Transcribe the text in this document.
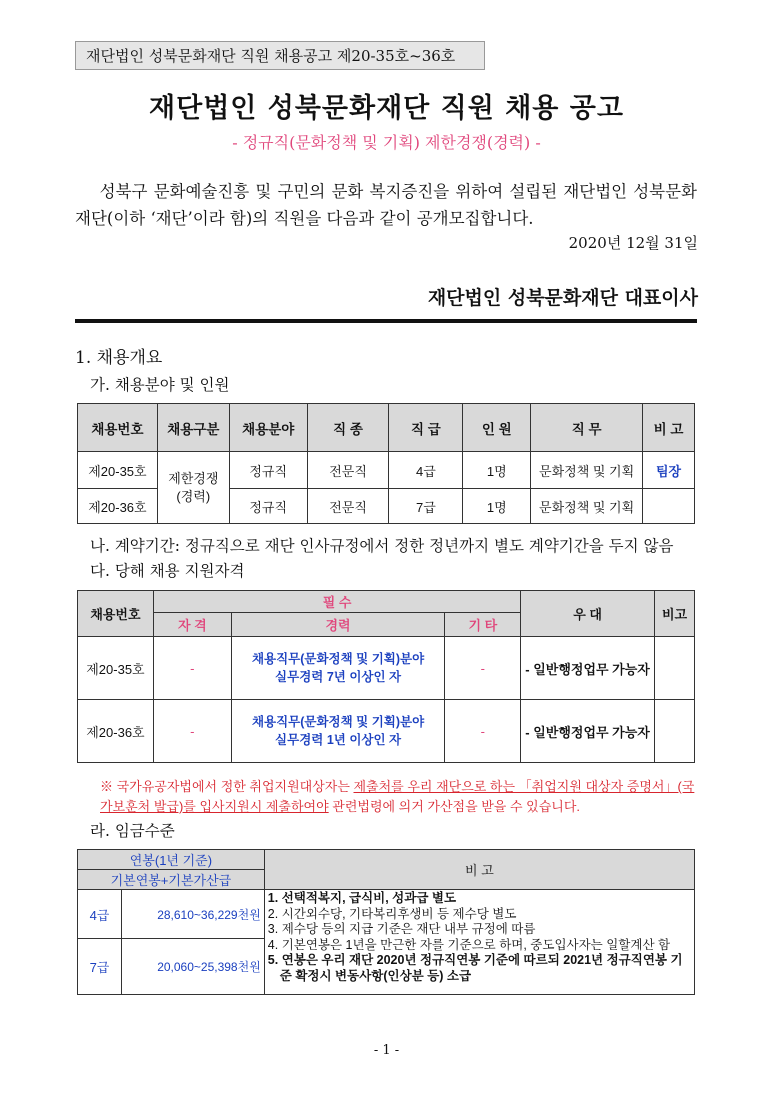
재단법인 성북문화재단 직원 채용공고 제20-35호~36호
재단법인 성북문화재단 직원 채용 공고
- 정규직(문화정책 및 기획) 제한경쟁(경력) -
성북구 문화예술진흥 및 구민의 문화 복지증진을 위하여 설립된 재단법인 성북문화재단(이하 ‘재단’이라 함)의 직원을 다음과 같이 공개모집합니다.
2020년 12월 31일
재단법인 성북문화재단 대표이사
1. 채용개요
가. 채용분야 및 인원
채용번호	채용구분	채용분야	직 종	직 급	인 원	직 무	비 고
제20-35호	제한경쟁 (경력)	정규직	전문직	4급	1명	문화정책 및 기획	팀장
제20-36호		정규직	전문직	7급	1명	문화정책 및 기획	
나. 계약기간: 정규직으로 재단 인사규정에서 정한 정년까지 별도 계약기간을 두지 않음
다. 당해 채용 지원자격
채용번호	필 수			우 대	비고
	자 격	경력	기 타		
제20-35호	-	채용직무(문화정책 및 기획)분야 실무경력 7년 이상인 자	-	- 일반행정업무 가능자	
제20-36호	-	채용직무(문화정책 및 기획)분야 실무경력 1년 이상인 자	-	- 일반행정업무 가능자	
※ 국가유공자법에서 정한 취업지원대상자는 제출처를 우리 재단으로 하는 「취업지원 대상자 증명서」(국가보훈처 발급)를 입사지원시 제출하여야 관련법령에 의거 가산점을 받을 수 있습니다.
라. 임금수준
연봉(1년 기준)		비 고
기본연봉+기본가산급		
4급	28,610~36,229천원	1. 선택적복지, 급식비, 성과급 별도
2. 시간외수당, 기타복리후생비 등 제수당 별도
3. 제수당 등의 지급 기준은 재단 내부 규정에 따름
4. 기본연봉은 1년을 만근한 자를 기준으로 하며, 중도입사자는 일할계산 함
5. 연봉은 우리 재단 2020년 정규직연봉 기준에 따르되 2021년 정규직연봉 기준 확정시 변동사항(인상분 등) 소급

7급	20,060~25,398천원	
- 1 -
